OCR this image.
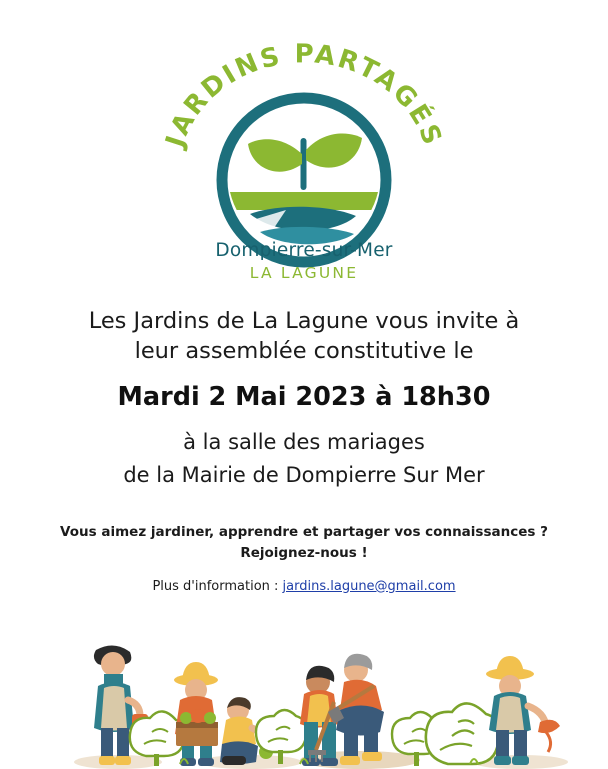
JARDINS PARTAGÉS
Dompierre-sur-Mer
LA LAGUNE
Les Jardins de La Lagune vous invite à
leur assemblée constitutive le
Mardi 2 Mai 2023 à 18h30
à la salle des mariages
de la Mairie de Dompierre Sur Mer
Vous aimez jardiner, apprendre et partager vos connaissances ?
Rejoignez-nous !
Plus d'information : jardins.lagune@gmail.com
